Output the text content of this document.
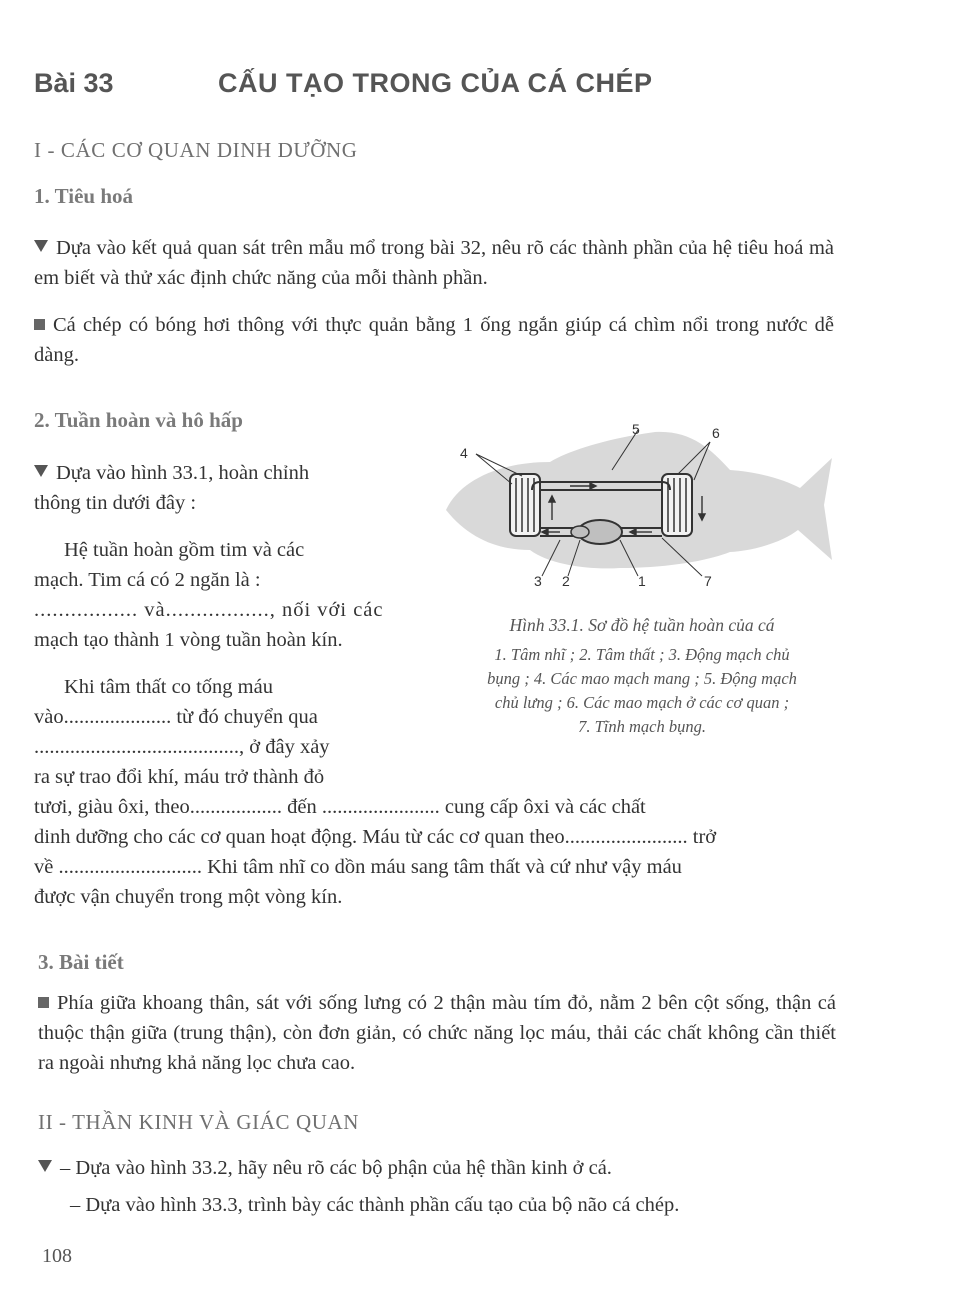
Bài 33	CẤU TẠO TRONG CỦA CÁ CHÉP
I - CÁC CƠ QUAN DINH DƯỠNG
1. Tiêu hoá
Dựa vào kết quả quan sát trên mẫu mổ trong bài 32, nêu rõ các thành phần của hệ tiêu hoá mà em biết và thử xác định chức năng của mỗi thành phần.
Cá chép có bóng hơi thông với thực quản bằng 1 ống ngắn giúp cá chìm nổi trong nước dễ dàng.
2. Tuần hoàn và hô hấp
Dựa vào hình 33.1, hoàn chỉnh
thông tin dưới đây :
Hệ tuần hoàn gồm tim và các
mạch. Tim cá có 2 ngăn là :
................. và................., nối với các
mạch tạo thành 1 vòng tuần hoàn kín.
Khi tâm thất co tống máu
vào..................... từ đó chuyển qua
........................................, ở đây xảy
ra sự trao đổi khí, máu trở thành đỏ
tươi, giàu ôxi, theo.................. đến ....................... cung cấp ôxi và các chất
dinh dưỡng cho các cơ quan hoạt động. Máu từ các cơ quan theo........................ trở
về ............................ Khi tâm nhĩ co dồn máu sang tâm thất và cứ như vậy máu
được vận chuyển trong một vòng kín.
4
5	6
3 2	1	7
Hình 33.1. Sơ đồ hệ tuần hoàn của cá
1. Tâm nhĩ ; 2. Tâm thất ; 3. Động mạch chủ
bụng ; 4. Các mao mạch mang ; 5. Động mạch
chủ lưng ; 6. Các mao mạch ở các cơ quan ;
7. Tĩnh mạch bụng.
3. Bài tiết
Phía giữa khoang thân, sát với sống lưng có 2 thận màu tím đỏ, nằm 2 bên cột sống, thận cá thuộc thận giữa (trung thận), còn đơn giản, có chức năng lọc máu, thải các chất không cần thiết ra ngoài nhưng khả năng lọc chưa cao.
II - THẦN KINH VÀ GIÁC QUAN
– Dựa vào hình 33.2, hãy nêu rõ các bộ phận của hệ thần kinh ở cá.
– Dựa vào hình 33.3, trình bày các thành phần cấu tạo của bộ não cá chép.
108
